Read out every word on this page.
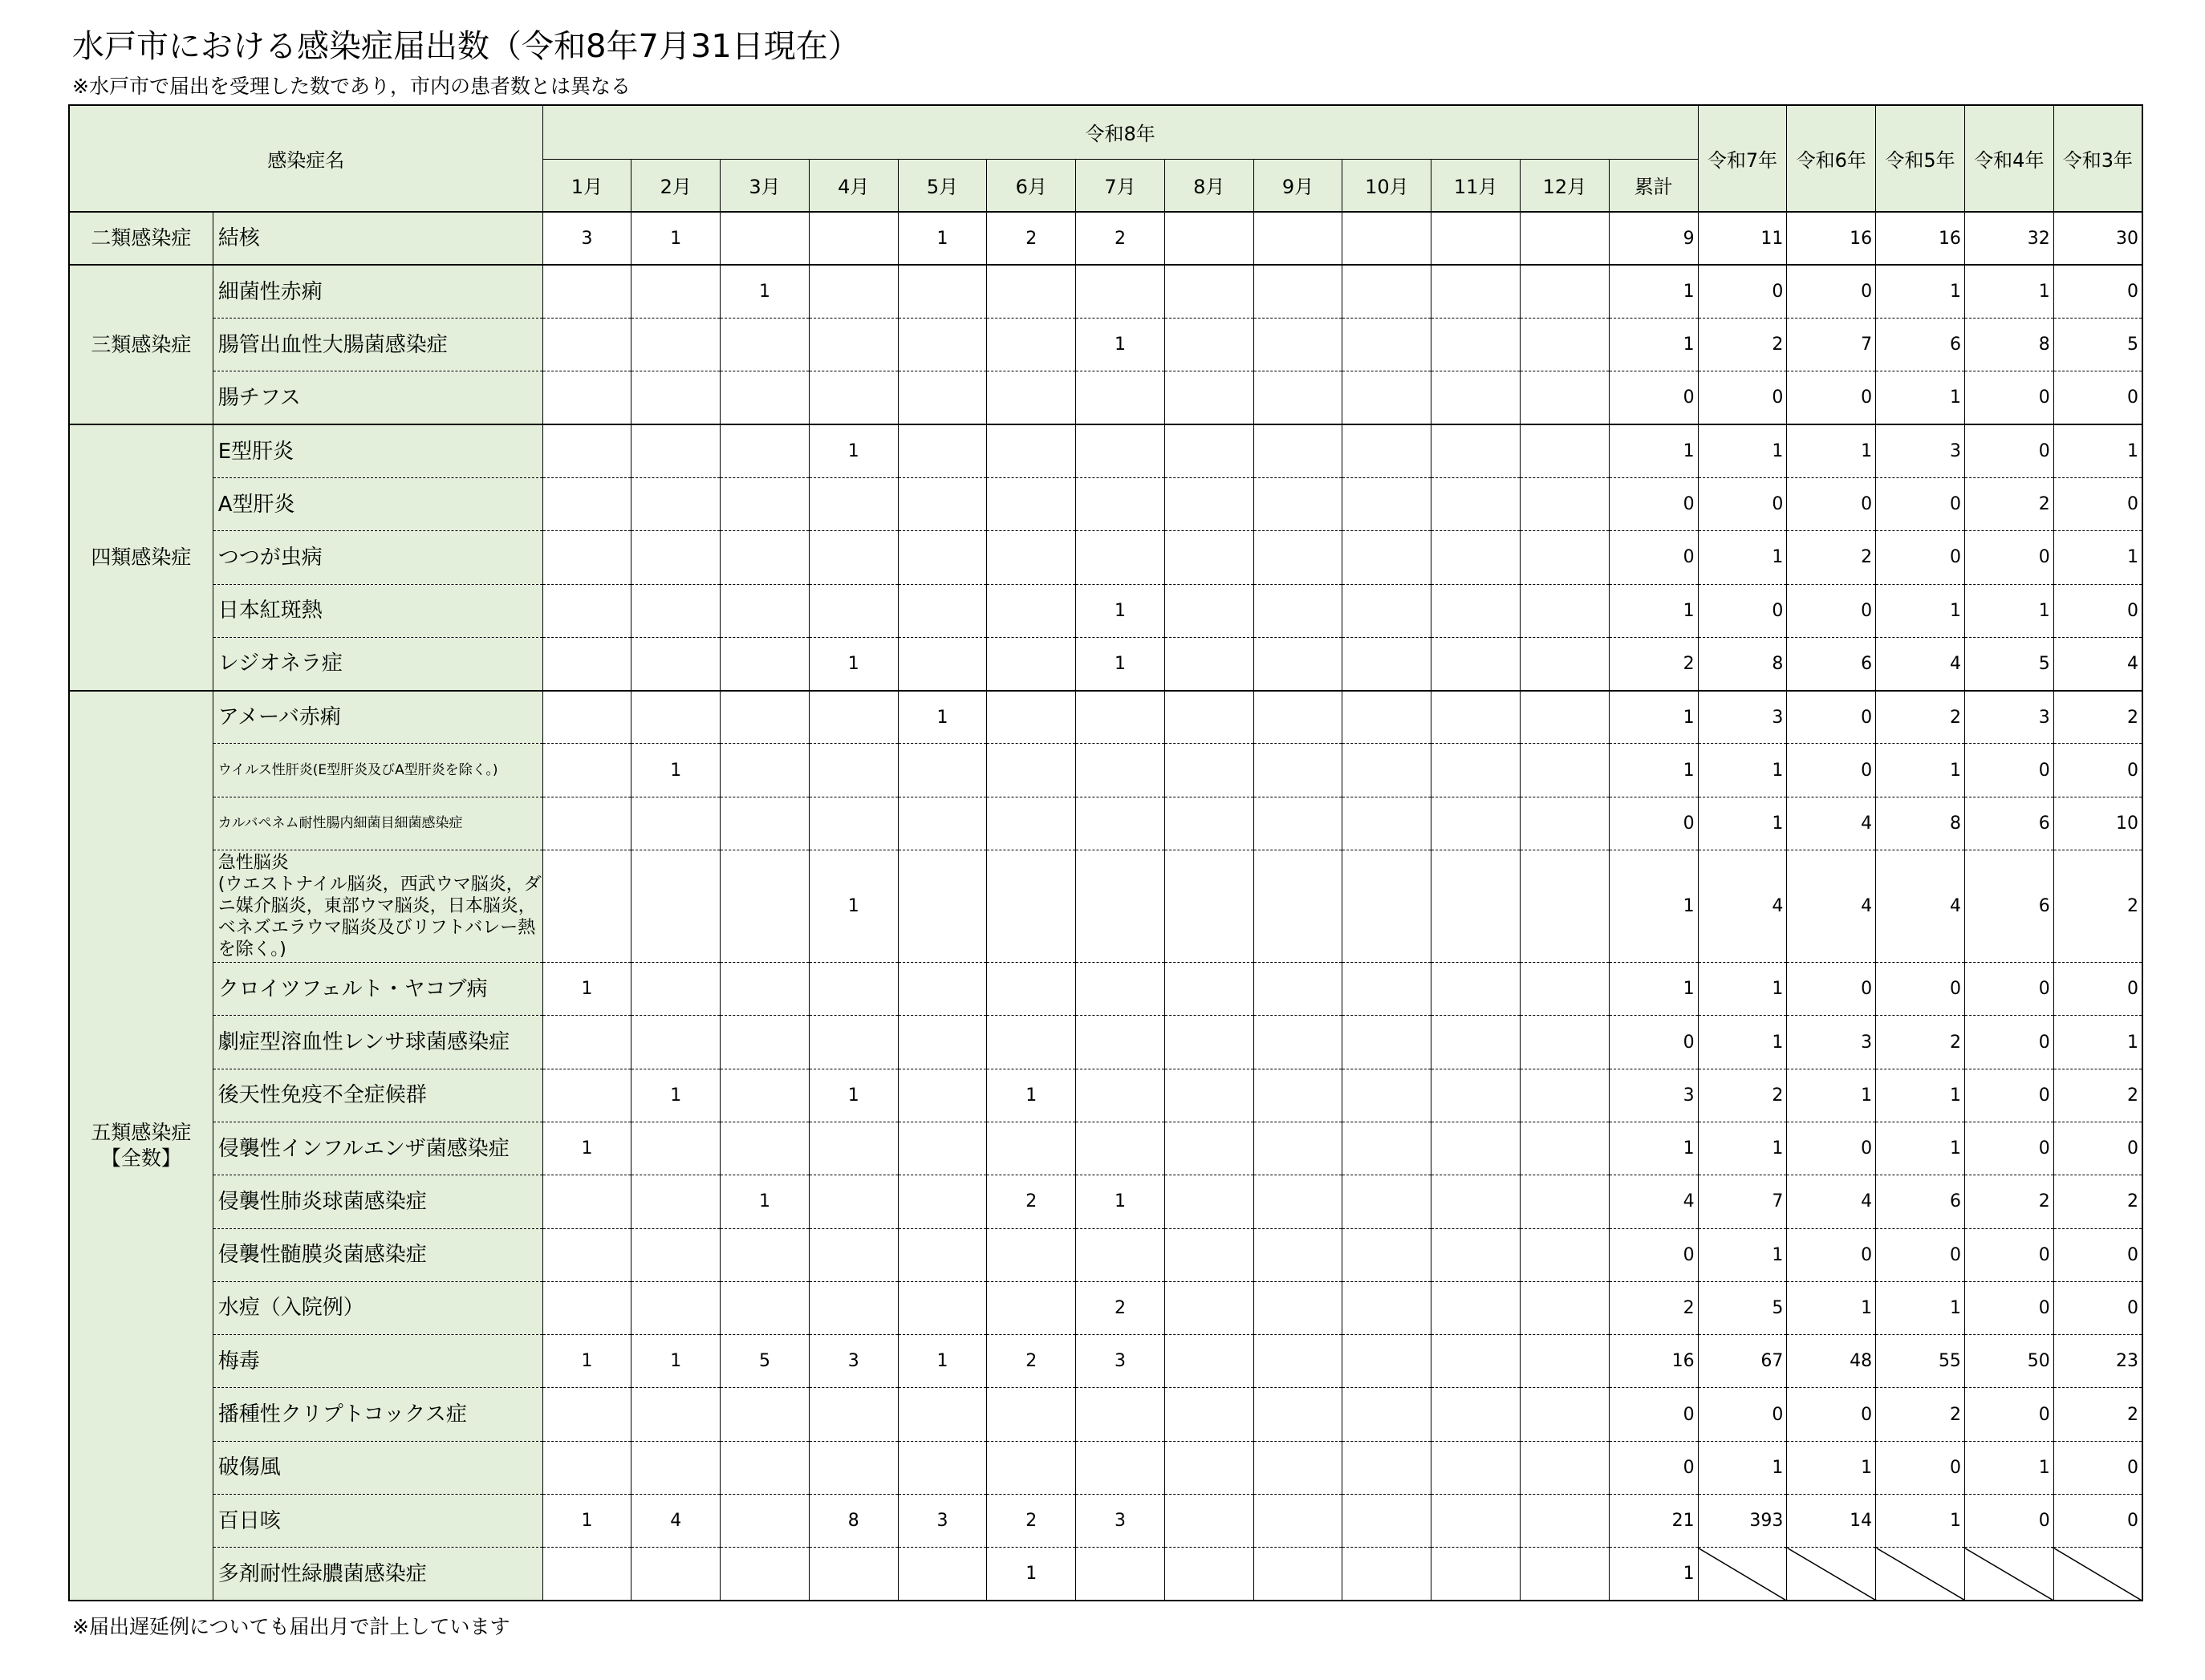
水戸市における感染症届出数（令和8年7月31日現在）
※水戸市で届出を受理した数であり，市内の患者数とは異なる
感染症名		令和8年													令和7年	令和6年	令和5年	令和4年	令和3年
		1月	2月	3月	4月	5月	6月	7月	8月	9月	10月	11月	12月	累計					
二類感染症	結核	3	1			1	2	2						9	11	16	16	32	30
三類感染症	細菌性赤痢			1										1	0	0	1	1	0
	腸管出血性大腸菌感染症							1						1	2	7	6	8	5
	腸チフス													0	0	0	1	0	0
四類感染症	E型肝炎				1									1	1	1	3	0	1
	A型肝炎													0	0	0	0	2	0
	つつが虫病													0	1	2	0	0	1
	日本紅斑熱							1						1	0	0	1	1	0
	レジオネラ症				1			1						2	8	6	4	5	4
五類感染症
【全数】	アメーバ赤痢					1								1	3	0	2	3	2
	ウイルス性肝炎(E型肝炎及びA型肝炎を除く。)		1											1	1	0	1	0	0
	カルバペネム耐性腸内細菌目細菌感染症													0	1	4	8	6	10
	急性脳炎
(ウエストナイル脳炎，西武ウマ脳炎，ダニ媒介脳炎，東部ウマ脳炎，日本脳炎，ベネズエラウマ脳炎及びリフトバレー熱を除く。)				1									1	4	4	4	6	2
	クロイツフェルト・ヤコブ病	1												1	1	0	0	0	0
	劇症型溶血性レンサ球菌感染症													0	1	3	2	0	1
	後天性免疫不全症候群		1		1		1							3	2	1	1	0	2
	侵襲性インフルエンザ菌感染症	1												1	1	0	1	0	0
	侵襲性肺炎球菌感染症			1			2	1						4	7	4	6	2	2
	侵襲性髄膜炎菌感染症													0	1	0	0	0	0
	水痘（入院例）							2						2	5	1	1	0	0
	梅毒	1	1	5	3	1	2	3						16	67	48	55	50	23
	播種性クリプトコックス症													0	0	0	2	0	2
	破傷風													0	1	1	0	1	0
	百日咳	1	4		8	3	2	3						21	393	14	1	0	0
	多剤耐性緑膿菌感染症						1							1					
※届出遅延例についても届出月で計上しています
